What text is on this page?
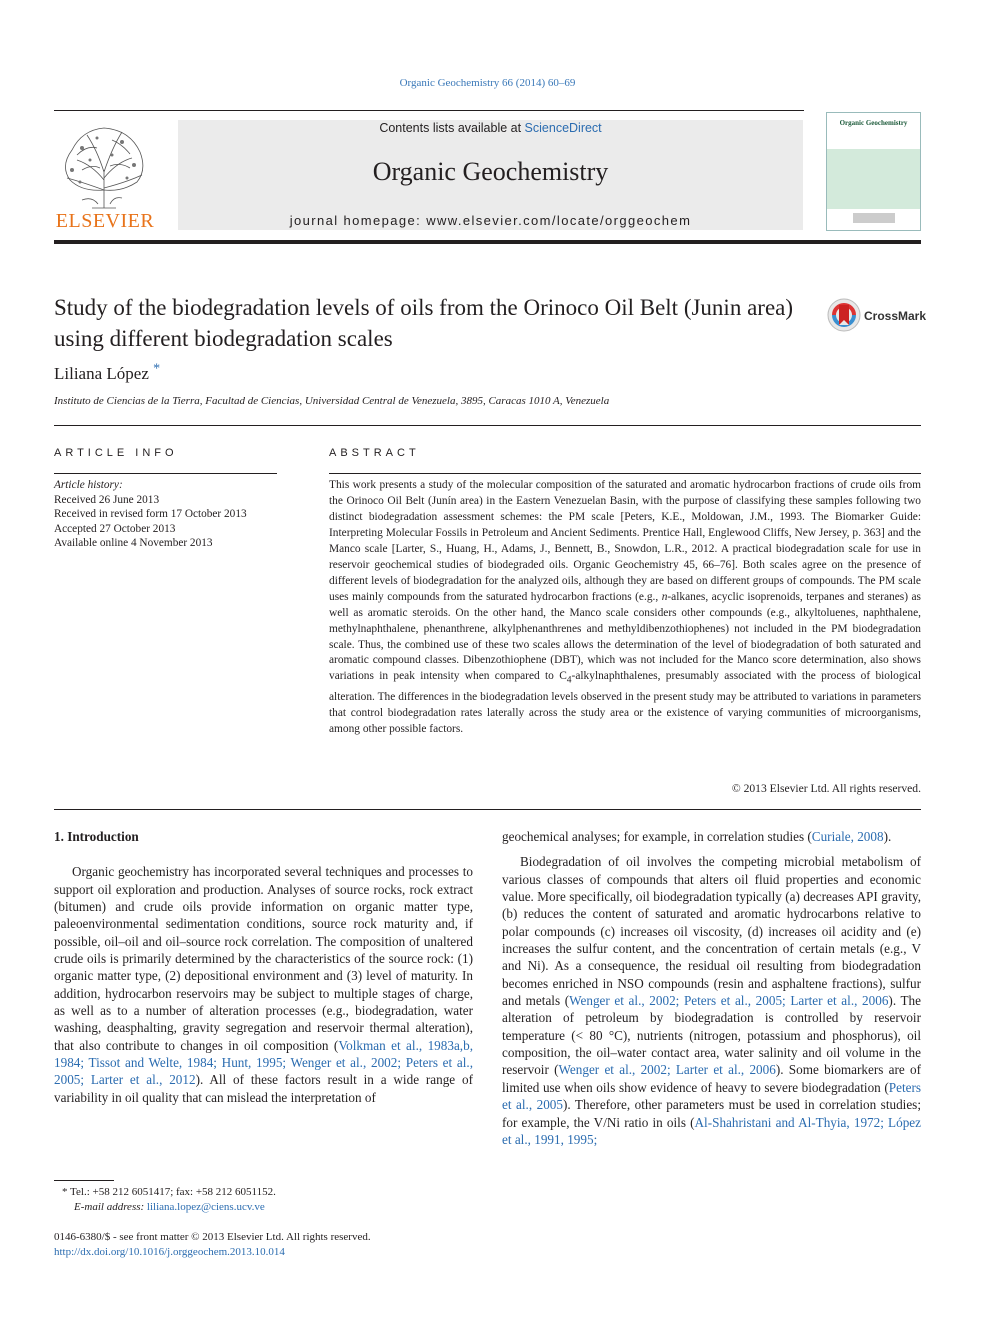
Organic Geochemistry 66 (2014) 60–69
ELSEVIER
Contents lists available at ScienceDirect
Organic Geochemistry
journal homepage: www.elsevier.com/locate/orggeochem
Organic Geochemistry
Study of the biodegradation levels of oils from the Orinoco Oil Belt (Junin area) using different biodegradation scales
CrossMark
Liliana López *
Instituto de Ciencias de la Tierra, Facultad de Ciencias, Universidad Central de Venezuela, 3895, Caracas 1010 A, Venezuela
ARTICLE INFO
Article history:
Received 26 June 2013
Received in revised form 17 October 2013
Accepted 27 October 2013
Available online 4 November 2013
ABSTRACT
This work presents a study of the molecular composition of the saturated and aromatic hydrocarbon fractions of crude oils from the Orinoco Oil Belt (Junín area) in the Eastern Venezuelan Basin, with the purpose of classifying these samples following two distinct biodegradation assessment schemes: the PM scale [Peters, K.E., Moldowan, J.M., 1993. The Biomarker Guide: Interpreting Molecular Fossils in Petroleum and Ancient Sediments. Prentice Hall, Englewood Cliffs, New Jersey, p. 363] and the Manco scale [Larter, S., Huang, H., Adams, J., Bennett, B., Snowdon, L.R., 2012. A practical biodegradation scale for use in reservoir geochemical studies of biodegraded oils. Organic Geochemistry 45, 66–76]. Both scales agree on the presence of different levels of biodegradation for the analyzed oils, although they are based on different groups of compounds. The PM scale uses mainly compounds from the saturated hydrocarbon fractions (e.g., n-alkanes, acyclic isoprenoids, terpanes and steranes) as well as aromatic steroids. On the other hand, the Manco scale considers other compounds (e.g., alkyltoluenes, naphthalene, methylnaphthalene, phenanthrene, alkylphenanthrenes and methyldibenzothiophenes) not included in the PM biodegradation scale. Thus, the combined use of these two scales allows the determination of the level of biodegradation of both saturated and aromatic compound classes. Dibenzothiophene (DBT), which was not included for the Manco score determination, also shows variations in peak intensity when compared to $C_4$-alkylnaphthalenes, presumably associated with the process of biological alteration. The differences in the biodegradation levels observed in the present study may be attributed to variations in parameters that control biodegradation rates laterally across the study area or the existence of varying communities of microorganisms, among other possible factors.
© 2013 Elsevier Ltd. All rights reserved.

1. Introduction

Organic geochemistry has incorporated several techniques and processes to support oil exploration and production. Analyses of source rocks, rock extract (bitumen) and crude oils provide information on organic matter type, paleoenvironmental sedimentation conditions, source rock maturity and, if possible, oil–oil and oil–source rock correlation. The composition of unaltered crude oils is primarily determined by the characteristics of the source rock: (1) organic matter type, (2) depositional environment and (3) level of maturity. In addition, hydrocarbon reservoirs may be subject to multiple stages of charge, as well as to a number of alteration processes (e.g., biodegradation, water washing, deasphalting, gravity segregation and reservoir thermal alteration), that also contribute to changes in oil composition (Volkman et al., 1983a,b, 1984; Tissot and Welte, 1984; Hunt, 1995; Wenger et al., 2002; Peters et al., 2005; Larter et al., 2012). All of these factors result in a wide range of variability in oil quality that can mislead the interpretation of

geochemical analyses; for example, in correlation studies (Curiale, 2008).

Biodegradation of oil involves the competing microbial metabolism of various classes of compounds that alters oil fluid properties and economic value. More specifically, oil biodegradation typically (a) decreases API gravity, (b) reduces the content of saturated and aromatic hydrocarbons relative to polar compounds (c) increases oil viscosity, (d) increases oil acidity and (e) increases the sulfur content, and the concentration of certain metals (e.g., V and Ni). As a consequence, the residual oil resulting from biodegradation becomes enriched in NSO compounds (resin and asphaltene fractions), sulfur and metals (Wenger et al., 2002; Peters et al., 2005; Larter et al., 2006). The alteration of petroleum by biodegradation is controlled by reservoir temperature (< 80 °C), nutrients (nitrogen, potassium and phosphorus), oil composition, the oil–water contact area, water salinity and oil volume in the reservoir (Wenger et al., 2002; Larter et al., 2006). Some biomarkers are of limited use when oils show evidence of heavy to severe biodegradation (Peters et al., 2005). Therefore, other parameters must be used in correlation studies; for example, the V/Ni ratio in oils (Al-Shahristani and Al-Thyia, 1972; López et al., 1991, 1995;

* Tel.: +58 212 6051417; fax: +58 212 6051152.
E-mail address: liliana.lopez@ciens.ucv.ve
0146-6380/$ - see front matter © 2013 Elsevier Ltd. All rights reserved.
http://dx.doi.org/10.1016/j.orggeochem.2013.10.014
